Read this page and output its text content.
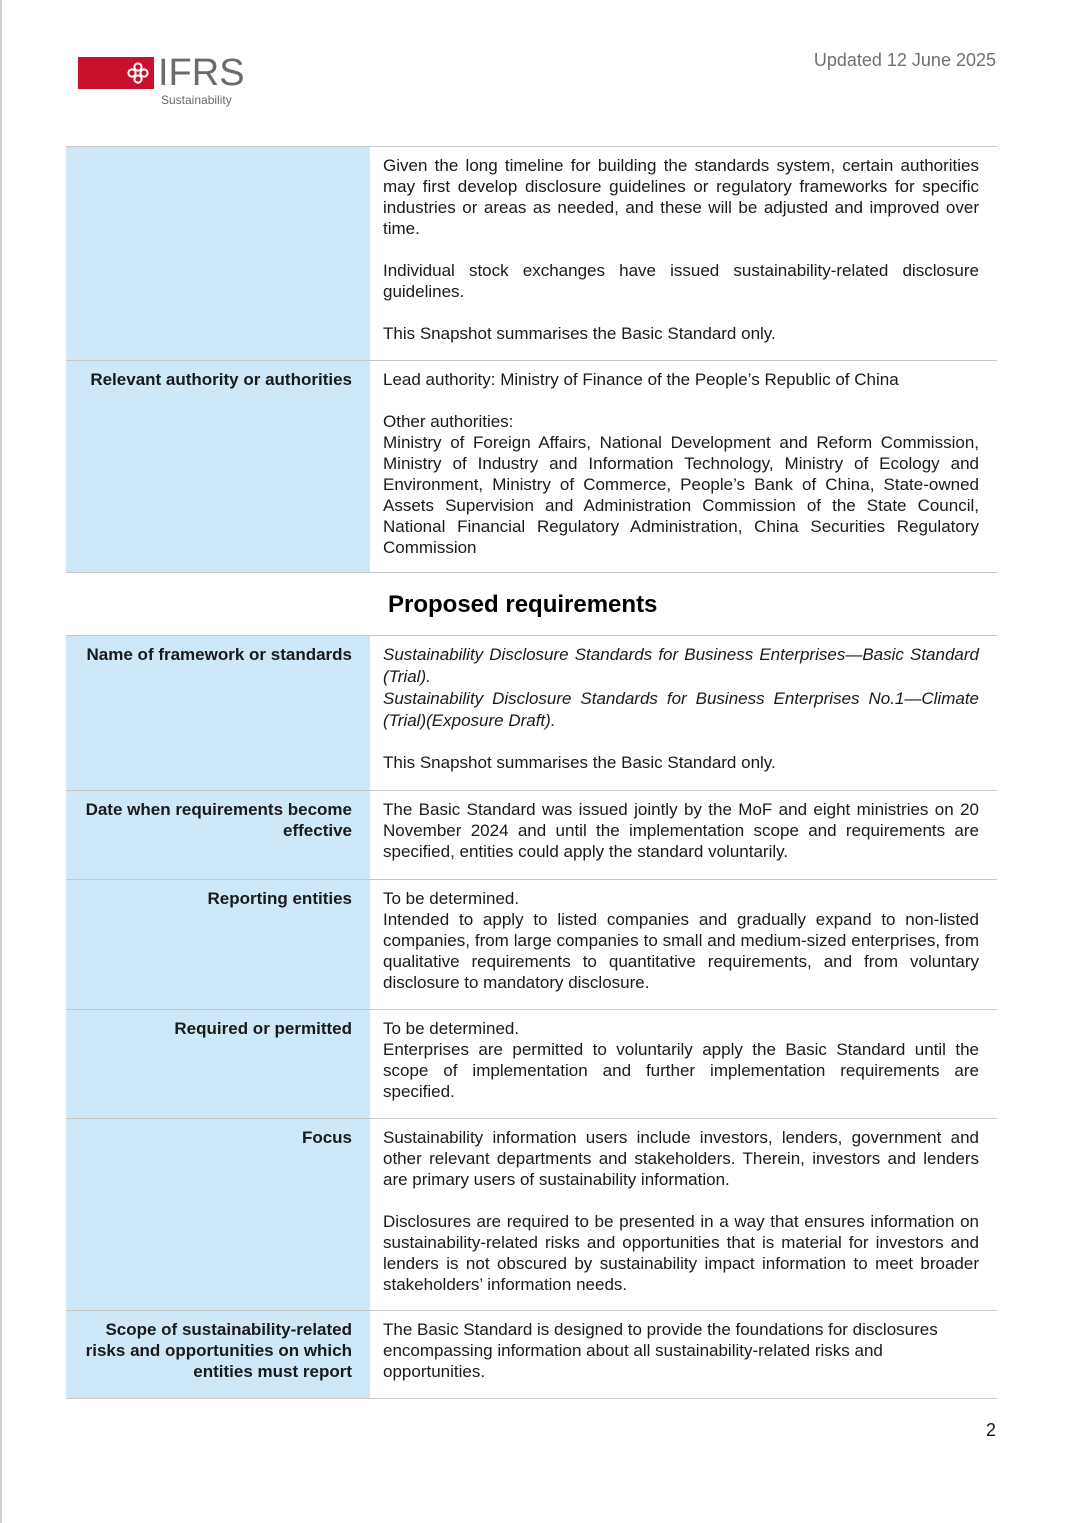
IFRS
Sustainability
Updated 12 June 2025

	Given the long timeline for building the standards system, certain authorities may first develop disclosure guidelines or regulatory frameworks for specific industries or areas as needed, and these will be adjusted and improved over time.

Individual stock exchanges have issued sustainability-related disclosure guidelines.

This Snapshot summarises the Basic Standard only.

Relevant authority or authorities	Lead authority: Ministry of Finance of the People’s Republic of China

Other authorities:
Ministry of Foreign Affairs, National Development and Reform Commission, Ministry of Industry and Information Technology, Ministry of Ecology and Environment, Ministry of Commerce, People’s Bank of China, State-owned Assets Supervision and Administration Commission of the State Council, National Financial Regulatory Administration, China Securities Regulatory Commission
Proposed requirements
Name of framework or standards	Sustainability Disclosure Standards for Business Enterprises—Basic Standard (Trial).

Sustainability Disclosure Standards for Business Enterprises No.1—Climate (Trial)(Exposure Draft).

This Snapshot summarises the Basic Standard only.

Date when requirements become effective	The Basic Standard was issued jointly by the MoF and eight ministries on 20 November 2024 and until the implementation scope and requirements are specified, entities could apply the standard voluntarily.

Reporting entities	To be determined.
Intended to apply to listed companies and gradually expand to non-listed companies, from large companies to small and medium-sized enterprises, from qualitative requirements to quantitative requirements, and from voluntary disclosure to mandatory disclosure.

Required or permitted	To be determined.
Enterprises are permitted to voluntarily apply the Basic Standard until the scope of implementation and further implementation requirements are specified.

Focus	Sustainability information users include investors, lenders, government and other relevant departments and stakeholders. Therein, investors and lenders are primary users of sustainability information.

Disclosures are required to be presented in a way that ensures information on sustainability-related risks and opportunities that is material for investors and lenders is not obscured by sustainability impact information to meet broader stakeholders’ information needs.

Scope of sustainability-related risks and opportunities on which entities must report	The Basic Standard is designed to provide the foundations for disclosures encompassing information about all sustainability-related risks and opportunities.

2
